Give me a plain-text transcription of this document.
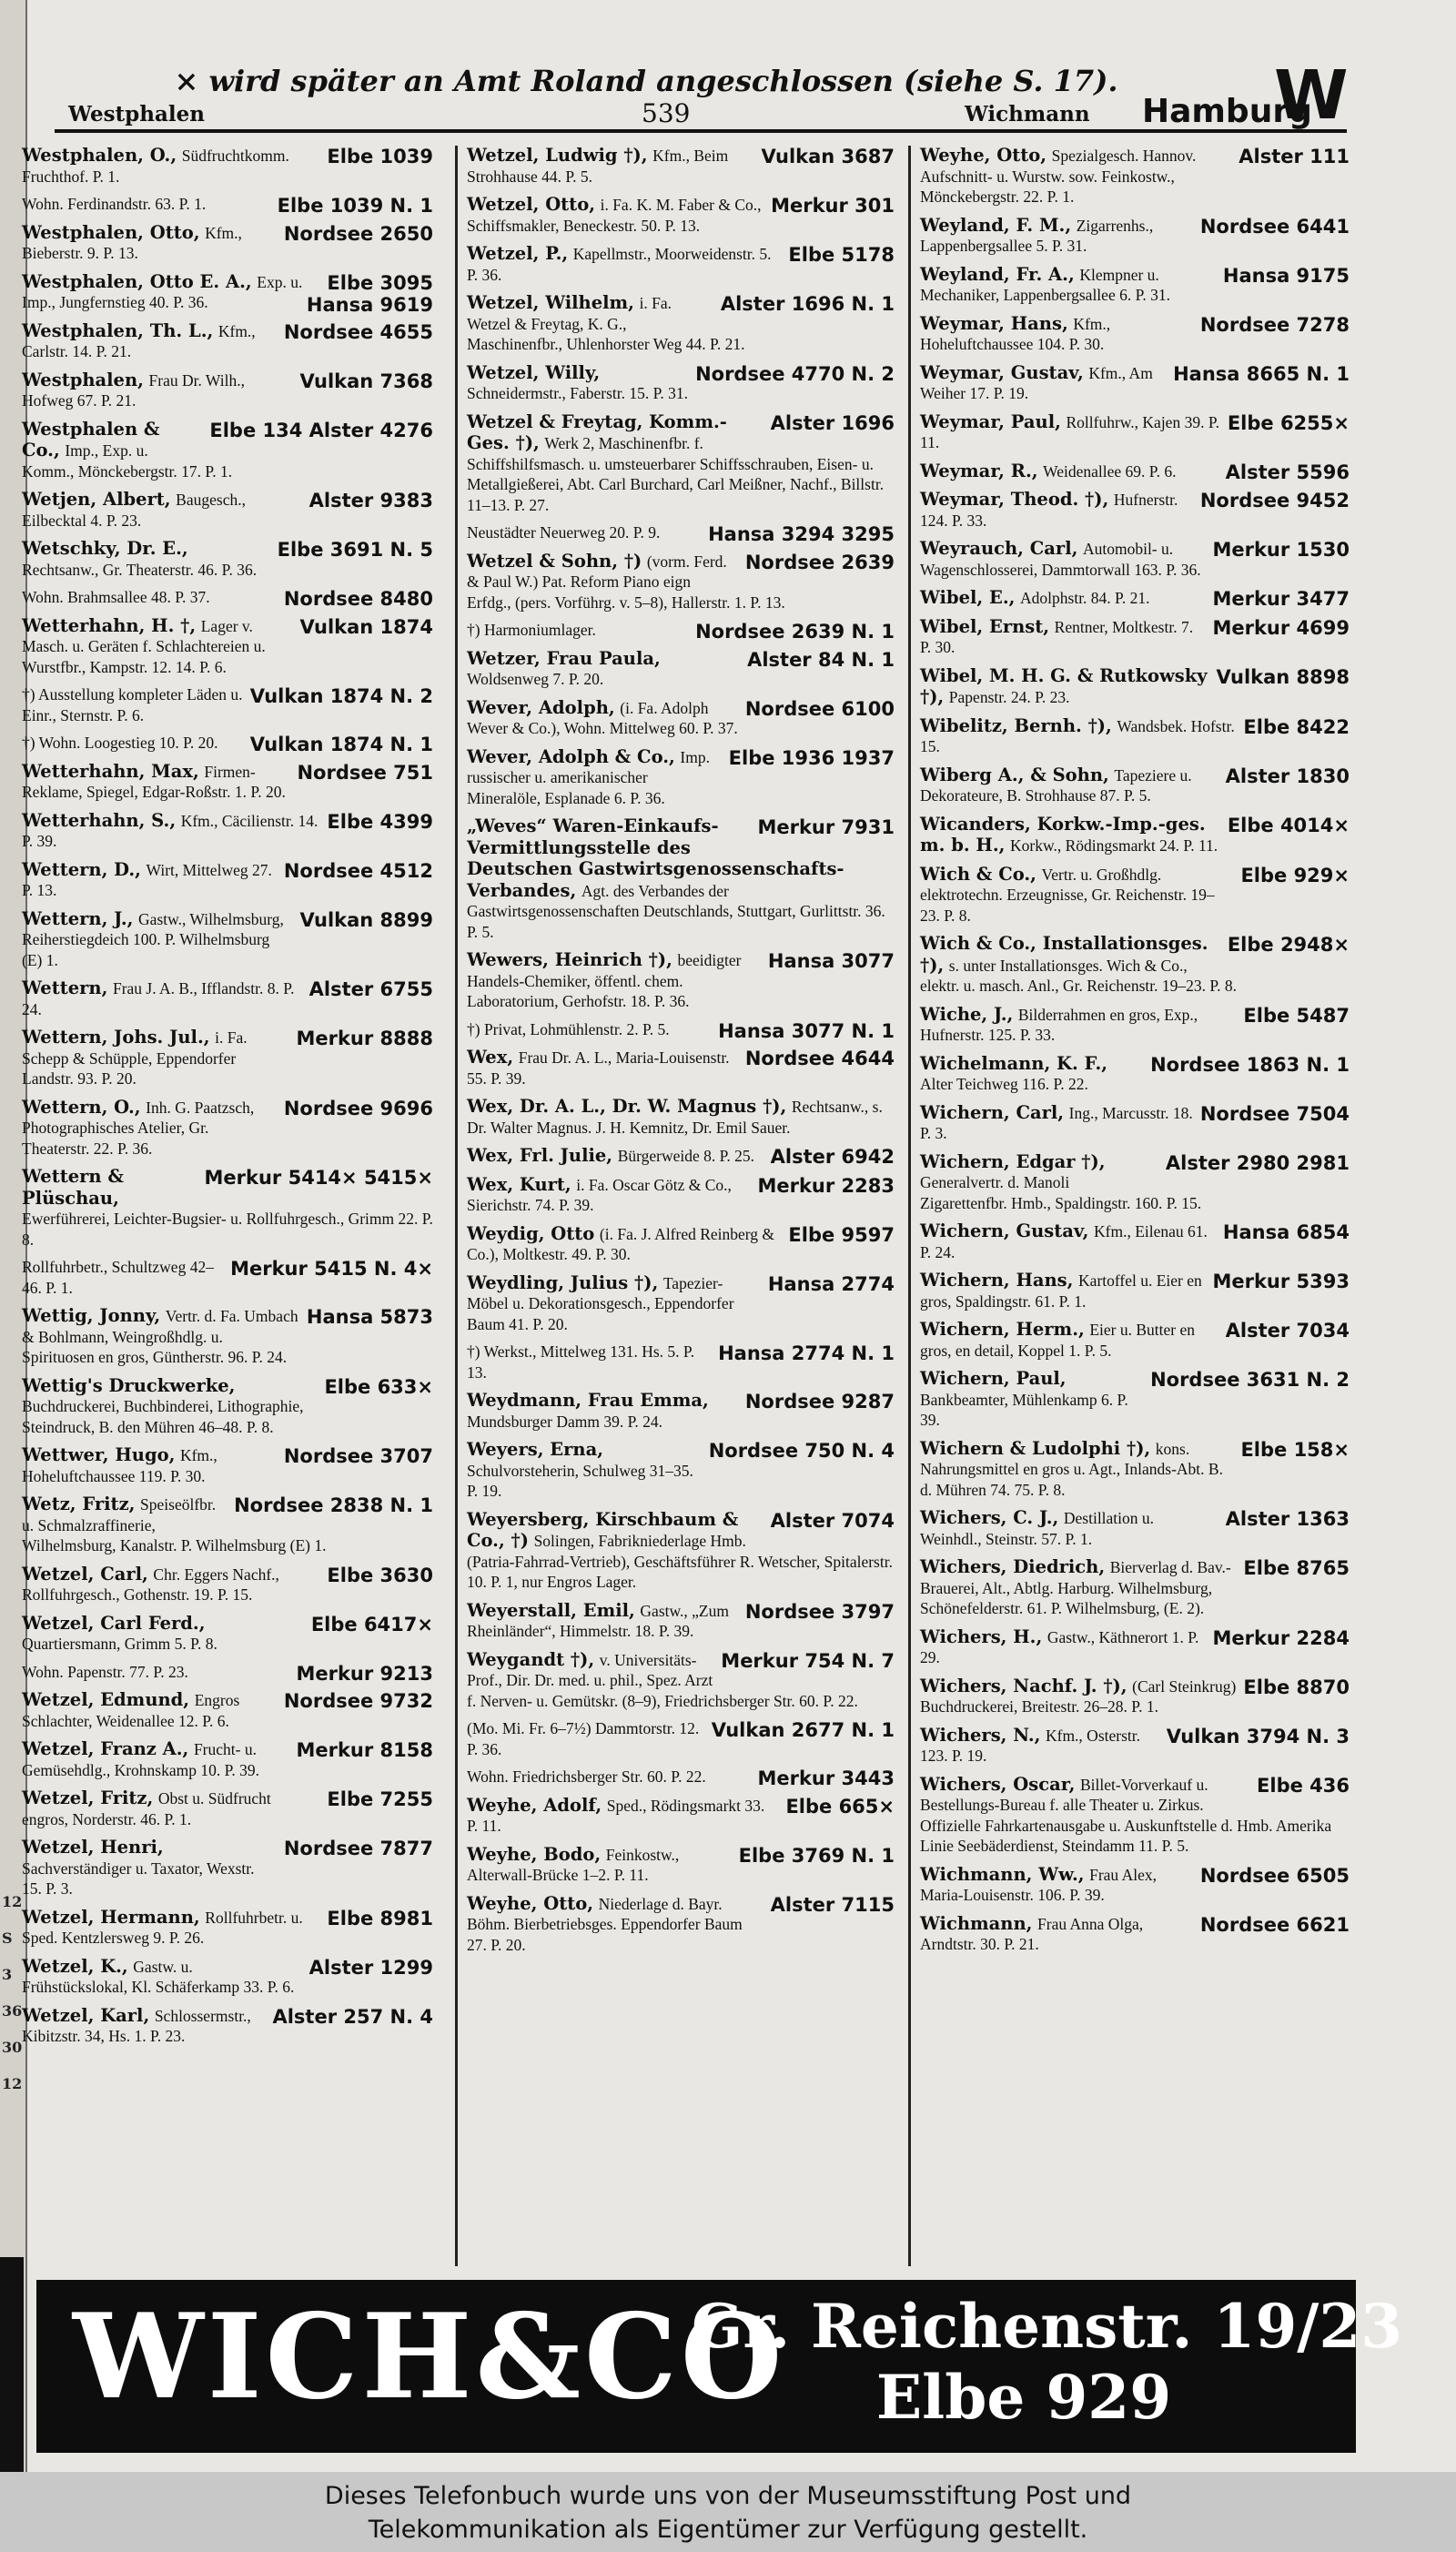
12
S
3
36
30
12
× wird später an Amt Roland angeschlossen (siehe S. 17).
Westphalen	539	Wichmann Hamburg
W
Elbe 1039
Westphalen, O., Südfruchtkomm. Fruchthof. P. 1.
Elbe 1039 N. 1
Wohn. Ferdinandstr. 63. P. 1.
Nordsee 2650
Westphalen, Otto, Kfm., Bieberstr. 9. P. 13.
Elbe 3095
Hansa 9619
Westphalen, Otto E. A., Exp. u. Imp., Jungfernstieg 40. P. 36.
Nordsee 4655
Westphalen, Th. L., Kfm., Carlstr. 14. P. 21.
Vulkan 7368
Westphalen, Frau Dr. Wilh., Hofweg 67. P. 21.
Elbe 134 Alster 4276
Westphalen & Co., Imp., Exp. u. Komm., Mönckebergstr. 17. P. 1.
Alster 9383
Wetjen, Albert, Baugesch., Eilbecktal 4. P. 23.
Elbe 3691 N. 5
Wetschky, Dr. E., Rechtsanw., Gr. Theaterstr. 46. P. 36.
Nordsee 8480
Wohn. Brahmsallee 48. P. 37.
Vulkan 1874
Wetterhahn, H. †, Lager v. Masch. u. Geräten f. Schlachtereien u. Wurstfbr., Kampstr. 12. 14. P. 6.
Vulkan 1874 N. 2
†) Ausstellung kompleter Läden u. Einr., Sternstr. P. 6.
Vulkan 1874 N. 1
†) Wohn. Loogestieg 10. P. 20.
Nordsee 751
Wetterhahn, Max, Firmen-Reklame, Spiegel, Edgar-Roßstr. 1. P. 20.
Elbe 4399
Wetterhahn, S., Kfm., Cäcilienstr. 14. P. 39.
Nordsee 4512
Wettern, D., Wirt, Mittelweg 27. P. 13.
Vulkan 8899
Wettern, J., Gastw., Wilhelmsburg, Reiherstiegdeich 100. P. Wilhelmsburg (E) 1.
Alster 6755
Wettern, Frau J. A. B., Ifflandstr. 8. P. 24.
Merkur 8888
Wettern, Johs. Jul., i. Fa. Schepp & Schüpple, Eppendorfer Landstr. 93. P. 20.
Nordsee 9696
Wettern, O., Inh. G. Paatzsch, Photographisches Atelier, Gr. Theaterstr. 22. P. 36.
Merkur 5414× 5415×
Wettern & Plüschau, Ewerführerei, Leichter-Bugsier- u. Rollfuhrgesch., Grimm 22. P. 8.
Merkur 5415 N. 4×
Rollfuhrbetr., Schultzweg 42–46. P. 1.
Hansa 5873
Wettig, Jonny, Vertr. d. Fa. Umbach & Bohlmann, Weingroßhdlg. u. Spirituosen en gros, Güntherstr. 96. P. 24.
Elbe 633×
Wettig's Druckwerke, Buchdruckerei, Buchbinderei, Lithographie, Steindruck, B. den Mühren 46–48. P. 8.
Nordsee 3707
Wettwer, Hugo, Kfm., Hoheluftchaussee 119. P. 30.
Nordsee 2838 N. 1
Wetz, Fritz, Speiseölfbr. u. Schmalzraffinerie, Wilhelmsburg, Kanalstr. P. Wilhelmsburg (E) 1.
Elbe 3630
Wetzel, Carl, Chr. Eggers Nachf., Rollfuhrgesch., Gothenstr. 19. P. 15.
Elbe 6417×
Wetzel, Carl Ferd., Quartiersmann, Grimm 5. P. 8.
Merkur 9213
Wohn. Papenstr. 77. P. 23.
Nordsee 9732
Wetzel, Edmund, Engros Schlachter, Weidenallee 12. P. 6.
Merkur 8158
Wetzel, Franz A., Frucht- u. Gemüsehdlg., Krohnskamp 10. P. 39.
Elbe 7255
Wetzel, Fritz, Obst u. Südfrucht engros, Norderstr. 46. P. 1.
Nordsee 7877
Wetzel, Henri, Sachverständiger u. Taxator, Wexstr. 15. P. 3.
Elbe 8981
Wetzel, Hermann, Rollfuhrbetr. u. Sped. Kentzlersweg 9. P. 26.
Alster 1299
Wetzel, K., Gastw. u. Frühstückslokal, Kl. Schäferkamp 33. P. 6.
Alster 257 N. 4
Wetzel, Karl, Schlossermstr., Kibitzstr. 34, Hs. 1. P. 23.
Vulkan 3687
Wetzel, Ludwig †), Kfm., Beim Strohhause 44. P. 5.
Merkur 301
Wetzel, Otto, i. Fa. K. M. Faber & Co., Schiffsmakler, Beneckestr. 50. P. 13.
Elbe 5178
Wetzel, P., Kapellmstr., Moorweidenstr. 5. P. 36.
Alster 1696 N. 1
Wetzel, Wilhelm, i. Fa. Wetzel & Freytag, K. G., Maschinenfbr., Uhlenhorster Weg 44. P. 21.
Nordsee 4770 N. 2
Wetzel, Willy, Schneidermstr., Faberstr. 15. P. 31.
Alster 1696
Wetzel & Freytag, Komm.-Ges. †), Werk 2, Maschinenfbr. f. Schiffshilfsmasch. u. umsteuerbarer Schiffsschrauben, Eisen- u. Metallgießerei, Abt. Carl Burchard, Carl Meißner, Nachf., Billstr. 11–13. P. 27.
Hansa 3294 3295
Neustädter Neuerweg 20. P. 9.
Nordsee 2639
Wetzel & Sohn, †) (vorm. Ferd. & Paul W.) Pat. Reform Piano eign Erfdg., (pers. Vorführg. v. 5–8), Hallerstr. 1. P. 13.
Nordsee 2639 N. 1
†) Harmoniumlager.
Alster 84 N. 1
Wetzer, Frau Paula, Woldsenweg 7. P. 20.
Nordsee 6100
Wever, Adolph, (i. Fa. Adolph Wever & Co.), Wohn. Mittelweg 60. P. 37.
Elbe 1936 1937
Wever, Adolph & Co., Imp. russischer u. amerikanischer Mineralöle, Esplanade 6. P. 36.
Merkur 7931
„Weves“ Waren-Einkaufs-Vermittlungsstelle des Deutschen Gastwirtsgenossenschafts-Verbandes, Agt. des Verbandes der Gastwirtsgenossenschaften Deutschlands, Stuttgart, Gurlittstr. 36. P. 5.
Hansa 3077
Wewers, Heinrich †), beeidigter Handels-Chemiker, öffentl. chem. Laboratorium, Gerhofstr. 18. P. 36.
Hansa 3077 N. 1
†) Privat, Lohmühlenstr. 2. P. 5.
Nordsee 4644
Wex, Frau Dr. A. L., Maria-Louisenstr. 55. P. 39.
Wex, Dr. A. L., Dr. W. Magnus †), Rechtsanw., s. Dr. Walter Magnus. J. H. Kemnitz, Dr. Emil Sauer.
Alster 6942
Wex, Frl. Julie, Bürgerweide 8. P. 25.
Merkur 2283
Wex, Kurt, i. Fa. Oscar Götz & Co., Sierichstr. 74. P. 39.
Elbe 9597
Weydig, Otto (i. Fa. J. Alfred Reinberg & Co.), Moltkestr. 49. P. 30.
Hansa 2774
Weydling, Julius †), Tapezier-Möbel u. Dekorationsgesch., Eppendorfer Baum 41. P. 20.
Hansa 2774 N. 1
†) Werkst., Mittelweg 131. Hs. 5. P. 13.
Nordsee 9287
Weydmann, Frau Emma, Mundsburger Damm 39. P. 24.
Nordsee 750 N. 4
Weyers, Erna, Schulvorsteherin, Schulweg 31–35. P. 19.
Alster 7074
Weyersberg, Kirschbaum & Co., †) Solingen, Fabrikniederlage Hmb. (Patria-Fahrrad-Vertrieb), Geschäftsführer R. Wetscher, Spitalerstr. 10. P. 1, nur Engros Lager.
Nordsee 3797
Weyerstall, Emil, Gastw., „Zum Rheinländer“, Himmelstr. 18. P. 39.
Merkur 754 N. 7
Weygandt †), v. Universitäts-Prof., Dir. Dr. med. u. phil., Spez. Arzt f. Nerven- u. Gemütskr. (8–9), Friedrichsberger Str. 60. P. 22.
Vulkan 2677 N. 1
(Mo. Mi. Fr. 6–7½) Dammtorstr. 12. P. 36.
Merkur 3443
Wohn. Friedrichsberger Str. 60. P. 22.
Elbe 665×
Weyhe, Adolf, Sped., Rödingsmarkt 33. P. 11.
Elbe 3769 N. 1
Weyhe, Bodo, Feinkostw., Alterwall-Brücke 1–2. P. 11.
Alster 7115
Weyhe, Otto, Niederlage d. Bayr. Böhm. Bierbetriebsges. Eppendorfer Baum 27. P. 20.
Alster 111
Weyhe, Otto, Spezialgesch. Hannov. Aufschnitt- u. Wurstw. sow. Feinkostw., Mönckebergstr. 22. P. 1.
Nordsee 6441
Weyland, F. M., Zigarrenhs., Lappenbergsallee 5. P. 31.
Hansa 9175
Weyland, Fr. A., Klempner u. Mechaniker, Lappenbergsallee 6. P. 31.
Nordsee 7278
Weymar, Hans, Kfm., Hoheluftchaussee 104. P. 30.
Hansa 8665 N. 1
Weymar, Gustav, Kfm., Am Weiher 17. P. 19.
Elbe 6255×
Weymar, Paul, Rollfuhrw., Kajen 39. P. 11.
Alster 5596
Weymar, R., Weidenallee 69. P. 6.
Nordsee 9452
Weymar, Theod. †), Hufnerstr. 124. P. 33.
Merkur 1530
Weyrauch, Carl, Automobil- u. Wagenschlosserei, Dammtorwall 163. P. 36.
Merkur 3477
Wibel, E., Adolphstr. 84. P. 21.
Merkur 4699
Wibel, Ernst, Rentner, Moltkestr. 7. P. 30.
Vulkan 8898
Wibel, M. H. G. & Rutkowsky †), Papenstr. 24. P. 23.
Elbe 8422
Wibelitz, Bernh. †), Wandsbek. Hofstr. 15.
Alster 1830
Wiberg A., & Sohn, Tapeziere u. Dekorateure, B. Strohhause 87. P. 5.
Elbe 4014×
Wicanders, Korkw.-Imp.-ges. m. b. H., Korkw., Rödingsmarkt 24. P. 11.
Elbe 929×
Wich & Co., Vertr. u. Großhdlg. elektrotechn. Erzeugnisse, Gr. Reichenstr. 19–23. P. 8.
Elbe 2948×
Wich & Co., Installationsges. †), s. unter Installationsges. Wich & Co., elektr. u. masch. Anl., Gr. Reichenstr. 19–23. P. 8.
Elbe 5487
Wiche, J., Bilderrahmen en gros, Exp., Hufnerstr. 125. P. 33.
Nordsee 1863 N. 1
Wichelmann, K. F., Alter Teichweg 116. P. 22.
Nordsee 7504
Wichern, Carl, Ing., Marcusstr. 18. P. 3.
Alster 2980 2981
Wichern, Edgar †), Generalvertr. d. Manoli Zigarettenfbr. Hmb., Spaldingstr. 160. P. 15.
Hansa 6854
Wichern, Gustav, Kfm., Eilenau 61. P. 24.
Merkur 5393
Wichern, Hans, Kartoffel u. Eier en gros, Spaldingstr. 61. P. 1.
Alster 7034
Wichern, Herm., Eier u. Butter en gros, en detail, Koppel 1. P. 5.
Nordsee 3631 N. 2
Wichern, Paul, Bankbeamter, Mühlenkamp 6. P. 39.
Elbe 158×
Wichern & Ludolphi †), kons. Nahrungsmittel en gros u. Agt., Inlands-Abt. B. d. Mühren 74. 75. P. 8.
Alster 1363
Wichers, C. J., Destillation u. Weinhdl., Steinstr. 57. P. 1.
Elbe 8765
Wichers, Diedrich, Bierverlag d. Bav.-Brauerei, Alt., Abtlg. Harburg. Wilhelmsburg, Schönefelderstr. 61. P. Wilhelmsburg, (E. 2).
Merkur 2284
Wichers, H., Gastw., Käthnerort 1. P. 29.
Elbe 8870
Wichers, Nachf. J. †), (Carl Steinkrug) Buchdruckerei, Breitestr. 26–28. P. 1.
Vulkan 3794 N. 3
Wichers, N., Kfm., Osterstr. 123. P. 19.
Elbe 436
Wichers, Oscar, Billet-Vorverkauf u. Bestellungs-Bureau f. alle Theater u. Zirkus. Offizielle Fahrkartenausgabe u. Auskunftstelle d. Hmb. Amerika Linie Seebäderdienst, Steindamm 11. P. 5.
Nordsee 6505
Wichmann, Ww., Frau Alex, Maria-Louisenstr. 106. P. 39.
Nordsee 6621
Wichmann, Frau Anna Olga, Arndtstr. 30. P. 21.
WICH&CO
Gr. Reichenstr. 19/23
Elbe 929
Dieses Telefonbuch wurde uns von der Museumsstiftung Post und
Telekommunikation als Eigentümer zur Verfügung gestellt.
